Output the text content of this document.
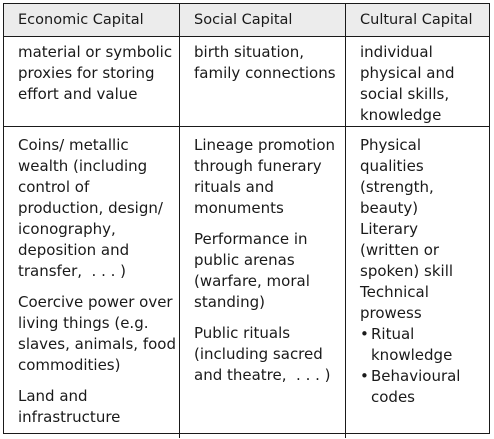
Economic Capital	Social Capital	Cultural Capital
material or symbolic
proxies for storing
effort and value
birth situation,
family connections
individual
physical and
social skills,
knowledge
Coins/ metallic
wealth (including
control of
production, design/
iconography,
deposition and
transfer,  . . . )
Coercive power over
living things (e.g.
slaves, animals, food
commodities)
Land and
infrastructure
Lineage promotion
through funerary
rituals and
monuments
Performance in
public arenas
(warfare, moral
standing)
Public rituals
(including sacred
and theatre,  . . . )
Physical
qualities
(strength,
beauty)
Literary
(written or
spoken) skill
Technical
prowess
• Ritual
knowledge
• Behavioural
codes
